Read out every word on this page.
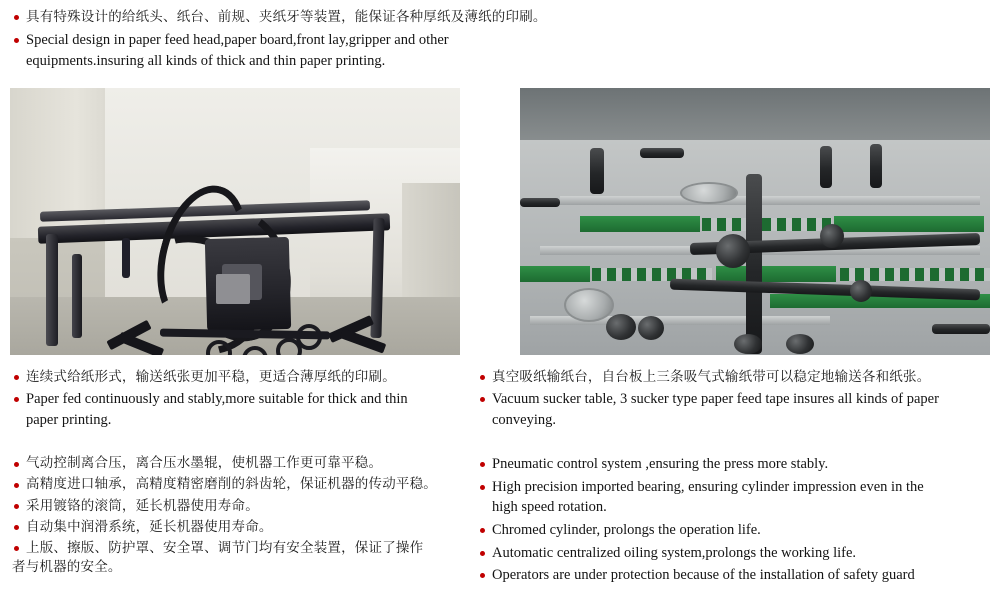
具有特殊设计的给纸头、纸台、前规、夹纸牙等装置，能保证各种厚纸及薄纸的印刷。
Special design in paper feed head,paper board,front lay,gripper and other
equipments.insuring all kinds of thick and thin paper printing.
连续式给纸形式，输送纸张更加平稳，更适合薄厚纸的印刷。
Paper fed continuously and stably,more suitable for thick and thin

paper printing.
气动控制离合压，离合压水墨辊，使机器工作更可靠平稳。
高精度进口轴承，高精度精密磨削的斜齿轮，保证机器的传动平稳。
采用镀铬的滚筒，延长机器使用寿命。
自动集中润滑系统，延长机器使用寿命。
上版、擦版、防护罩、安全罩、调节门均有安全装置，保证了操作
者与机器的安全。
真空吸纸输纸台，自台板上三条吸气式输纸带可以稳定地输送各和纸张。
Vacuum sucker table, 3 sucker type paper feed tape insures all kinds of paper

conveying.
Pneumatic control system ,ensuring the press more stably.
High precision imported bearing, ensuring cylinder impression even in the

high speed rotation.
Chromed cylinder, prolongs the operation life.
Automatic centralized oiling system,prolongs the working life.
Operators are under protection because of the installation of safety guard
